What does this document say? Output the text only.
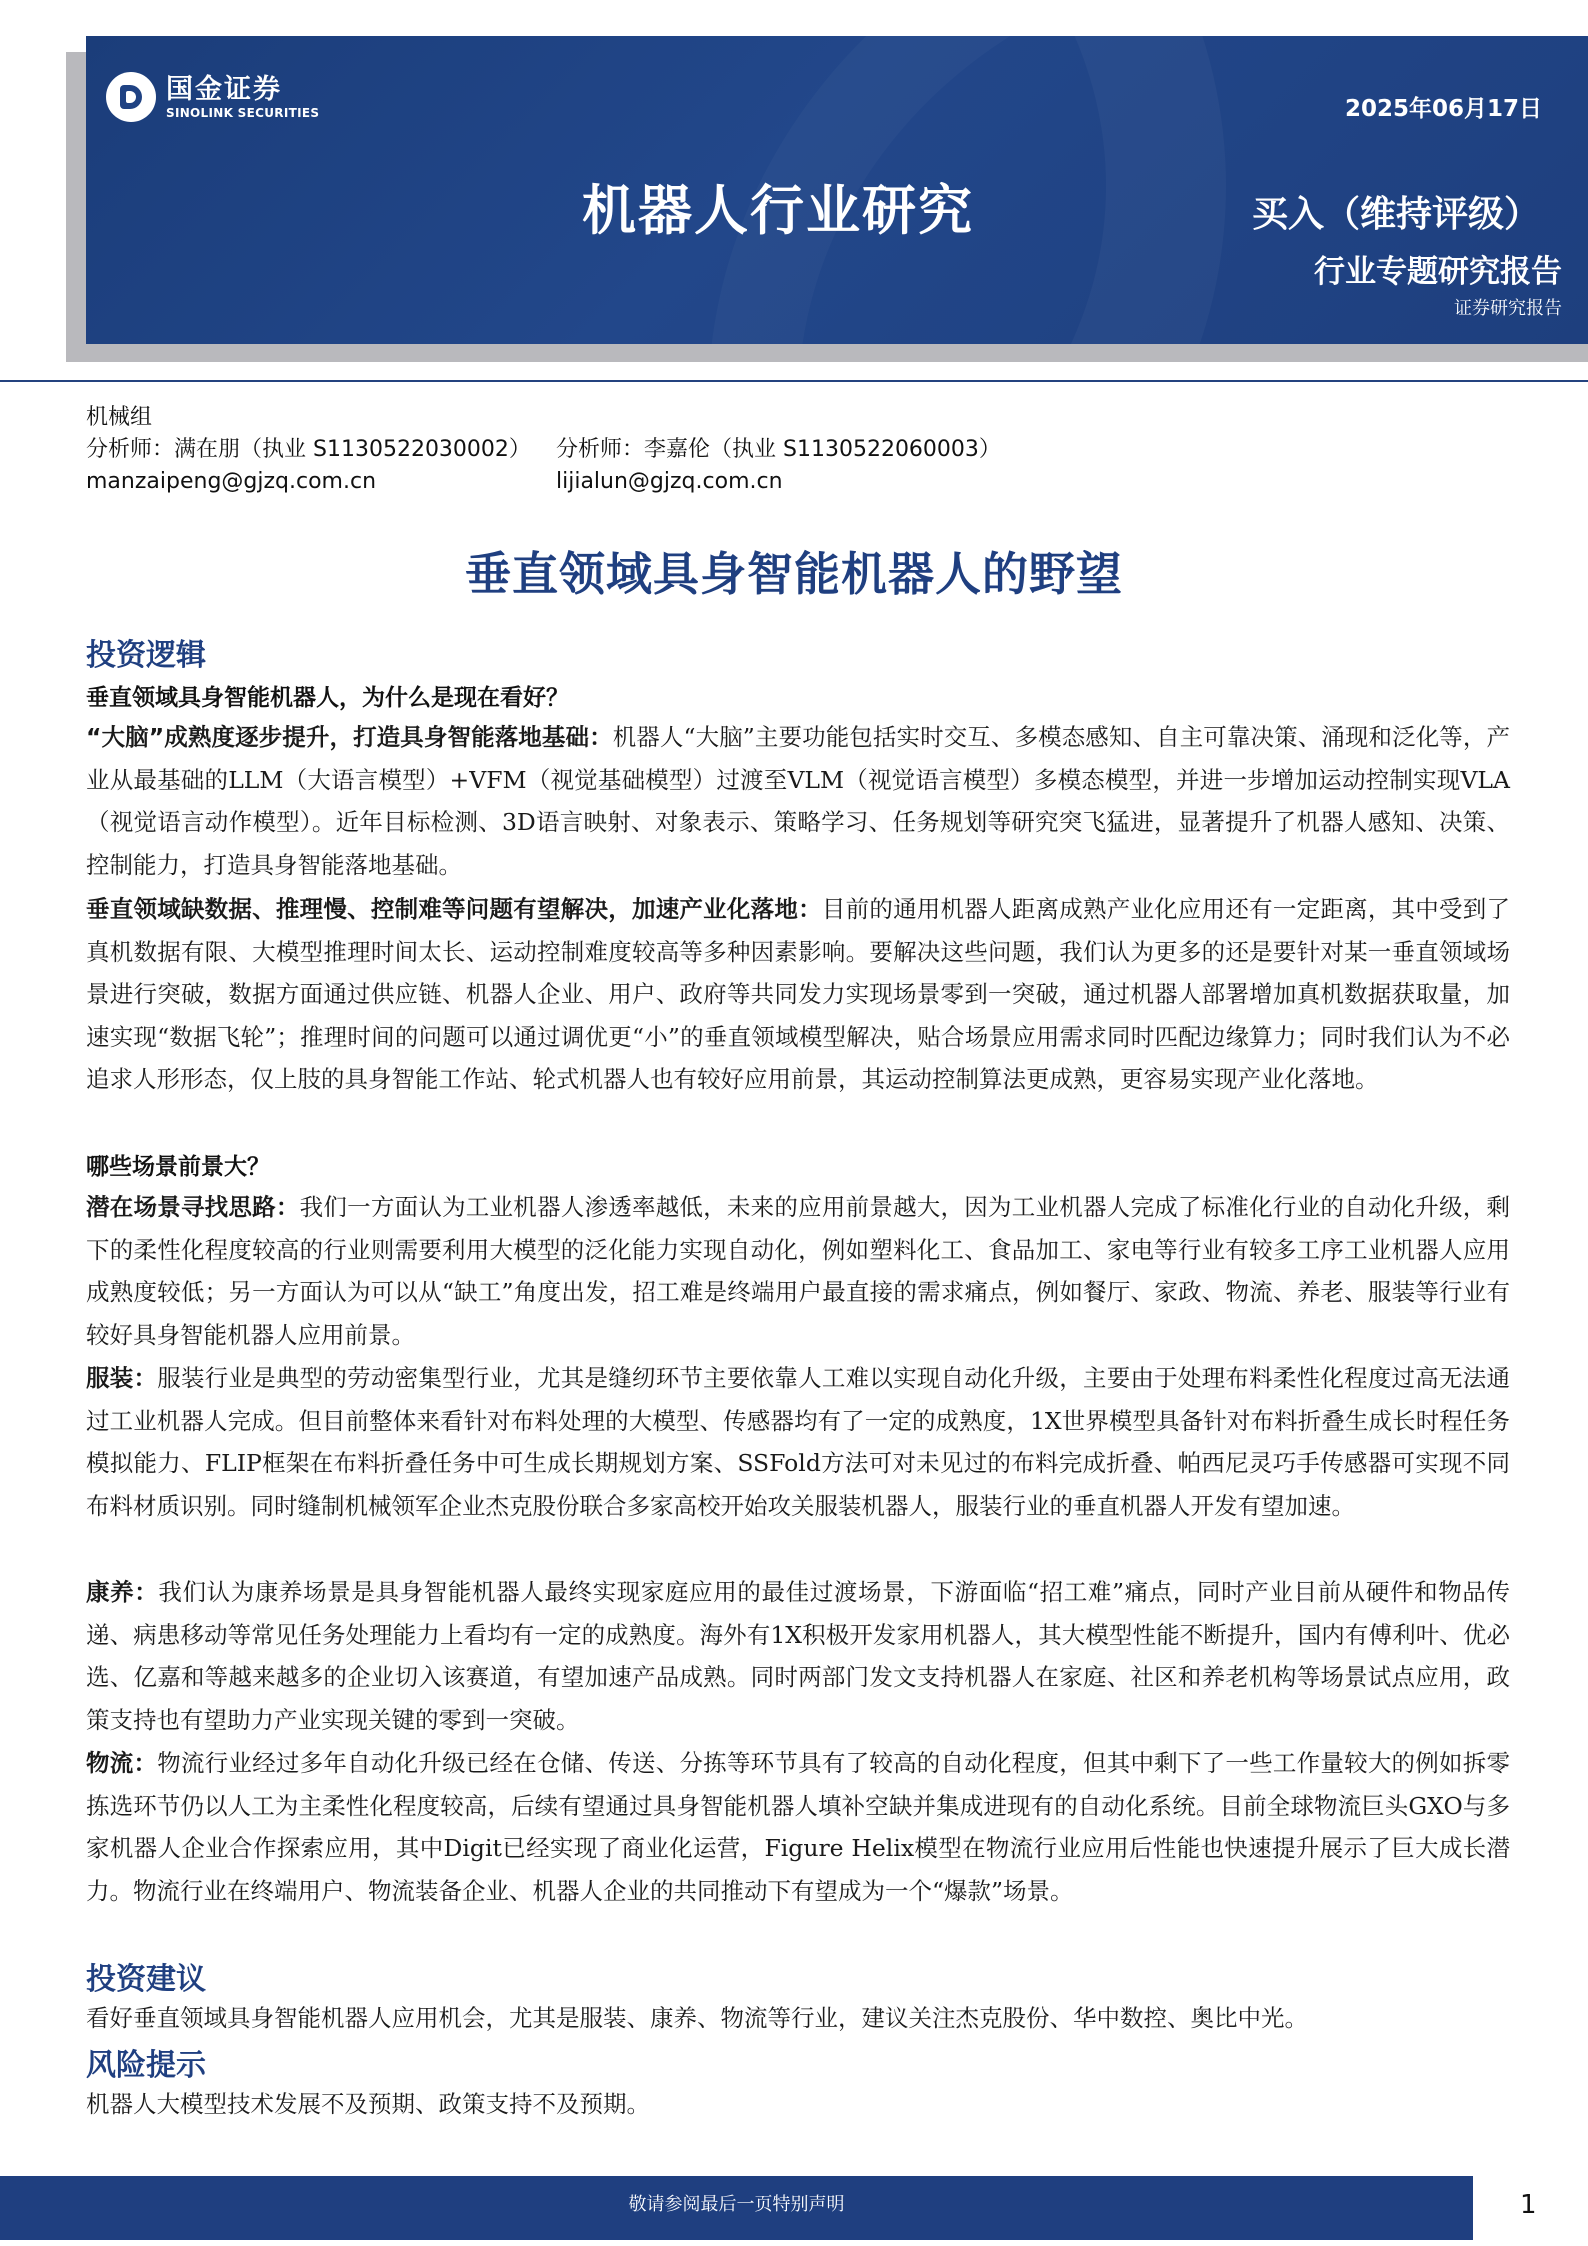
国金证券
SINOLINK SECURITIES	2025年06月17日
机器人行业研究	买入（维持评级）
行业专题研究报告
证券研究报告
机械组
分析师：满在朋（执业 S1130522030002） 分析师：李嘉伦（执业 S1130522060003）
manzaipeng@gjzq.com.cn	lijialun@gjzq.com.cn
垂直领域具身智能机器人的野望
投资逻辑
垂直领域具身智能机器人，为什么是现在看好？
“大脑”成熟度逐步提升，打造具身智能落地基础：机器人“大脑”主要功能包括实时交互、多模态感知、自主可靠决策、涌现和泛化等，产业从最基础的LLM（大语言模型）+VFM（视觉基础模型）过渡至VLM（视觉语言模型）多模态模型，并进一步增加运动控制实现VLA（视觉语言动作模型）。近年目标检测、3D语言映射、对象表示、策略学习、任务规划等研究突飞猛进，显著提升了机器人感知、决策、控制能力，打造具身智能落地基础。
垂直领域缺数据、推理慢、控制难等问题有望解决，加速产业化落地：目前的通用机器人距离成熟产业化应用还有一定距离，其中受到了真机数据有限、大模型推理时间太长、运动控制难度较高等多种因素影响。要解决这些问题，我们认为更多的还是要针对某一垂直领域场景进行突破，数据方面通过供应链、机器人企业、用户、政府等共同发力实现场景零到一突破，通过机器人部署增加真机数据获取量，加速实现“数据飞轮”；推理时间的问题可以通过调优更“小”的垂直领域模型解决，贴合场景应用需求同时匹配边缘算力；同时我们认为不必追求人形形态，仅上肢的具身智能工作站、轮式机器人也有较好应用前景，其运动控制算法更成熟，更容易实现产业化落地。
哪些场景前景大？
潜在场景寻找思路：我们一方面认为工业机器人渗透率越低，未来的应用前景越大，因为工业机器人完成了标准化行业的自动化升级，剩下的柔性化程度较高的行业则需要利用大模型的泛化能力实现自动化，例如塑料化工、食品加工、家电等行业有较多工序工业机器人应用成熟度较低；另一方面认为可以从“缺工”角度出发，招工难是终端用户最直接的需求痛点，例如餐厅、家政、物流、养老、服装等行业有较好具身智能机器人应用前景。
服装：服装行业是典型的劳动密集型行业，尤其是缝纫环节主要依靠人工难以实现自动化升级，主要由于处理布料柔性化程度过高无法通过工业机器人完成。但目前整体来看针对布料处理的大模型、传感器均有了一定的成熟度，1X世界模型具备针对布料折叠生成长时程任务模拟能力、FLIP框架在布料折叠任务中可生成长期规划方案、SSFold方法可对未见过的布料完成折叠、帕西尼灵巧手传感器可实现不同布料材质识别。同时缝制机械领军企业杰克股份联合多家高校开始攻关服装机器人，服装行业的垂直机器人开发有望加速。
康养：我们认为康养场景是具身智能机器人最终实现家庭应用的最佳过渡场景，下游面临“招工难”痛点，同时产业目前从硬件和物品传递、病患移动等常见任务处理能力上看均有一定的成熟度。海外有1X积极开发家用机器人，其大模型性能不断提升，国内有傅利叶、优必选、亿嘉和等越来越多的企业切入该赛道，有望加速产品成熟。同时两部门发文支持机器人在家庭、社区和养老机构等场景试点应用，政策支持也有望助力产业实现关键的零到一突破。
物流：物流行业经过多年自动化升级已经在仓储、传送、分拣等环节具有了较高的自动化程度，但其中剩下了一些工作量较大的例如拆零拣选环节仍以人工为主柔性化程度较高，后续有望通过具身智能机器人填补空缺并集成进现有的自动化系统。目前全球物流巨头GXO与多家机器人企业合作探索应用，其中Digit已经实现了商业化运营，Figure Helix模型在物流行业应用后性能也快速提升展示了巨大成长潜力。物流行业在终端用户、物流装备企业、机器人企业的共同推动下有望成为一个“爆款”场景。
投资建议
看好垂直领域具身智能机器人应用机会，尤其是服装、康养、物流等行业，建议关注杰克股份、华中数控、奥比中光。
风险提示
机器人大模型技术发展不及预期、政策支持不及预期。
敬请参阅最后一页特别声明	1
